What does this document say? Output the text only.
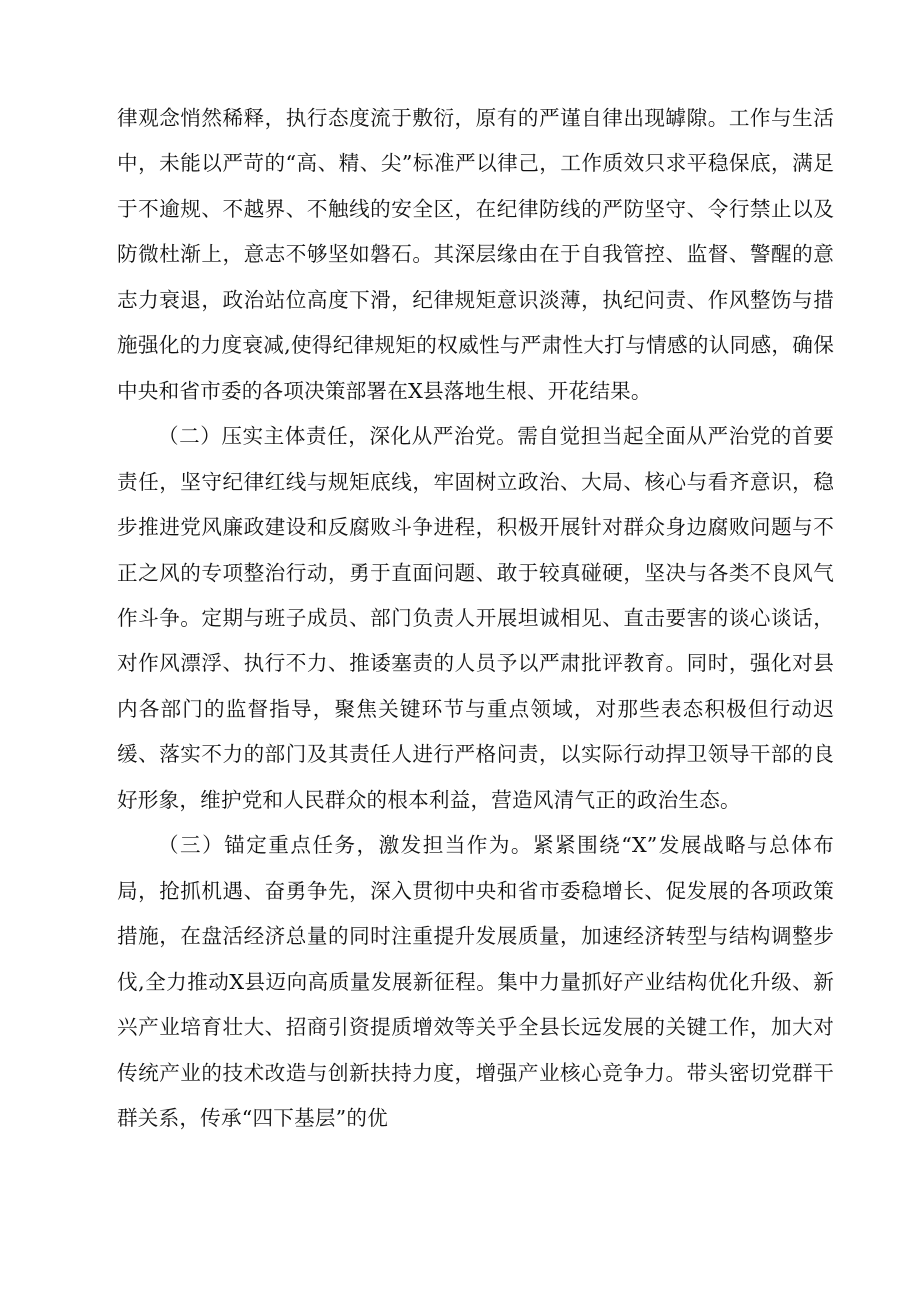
律观念悄然稀释，执行态度流于敷衍，原有的严谨自律出现罅隙。工作与生活中，未能以严苛的“高、精、尖”标准严以律己，工作质效只求平稳保底，满足于不逾规、不越界、不触线的安全区，在纪律防线的严防坚守、令行禁止以及防微杜渐上，意志不够坚如磐石。其深层缘由在于自我管控、监督、警醒的意志力衰退，政治站位高度下滑，纪律规矩意识淡薄，执纪问责、作风整饬与措施强化的力度衰减,使得纪律规矩的权威性与严肃性大打与情感的认同感，确保中央和省市委的各项决策部署在X县落地生根、开花结果。

（二）压实主体责任，深化从严治党。需自觉担当起全面从严治党的首要责任，坚守纪律红线与规矩底线，牢固树立政治、大局、核心与看齐意识，稳步推进党风廉政建设和反腐败斗争进程，积极开展针对群众身边腐败问题与不正之风的专项整治行动，勇于直面问题、敢于较真碰硬，坚决与各类不良风气作斗争。定期与班子成员、部门负责人开展坦诚相见、直击要害的谈心谈话，对作风漂浮、执行不力、推诿塞责的人员予以严肃批评教育。同时，强化对县内各部门的监督指导，聚焦关键环节与重点领域，对那些表态积极但行动迟缓、落实不力的部门及其责任人进行严格问责，以实际行动捍卫领导干部的良好形象，维护党和人民群众的根本利益，营造风清气正的政治生态。

（三）锚定重点任务，激发担当作为。紧紧围绕“X”发展战略与总体布局，抢抓机遇、奋勇争先，深入贯彻中央和省市委稳增长、促发展的各项政策措施，在盘活经济总量的同时注重提升发展质量，加速经济转型与结构调整步伐,全力推动X县迈向高质量发展新征程。集中力量抓好产业结构优化升级、新兴产业培育壮大、招商引资提质增效等关乎全县长远发展的关键工作，加大对传统产业的技术改造与创新扶持力度，增强产业核心竞争力。带头密切党群干群关系，传承“四下基层”的优
